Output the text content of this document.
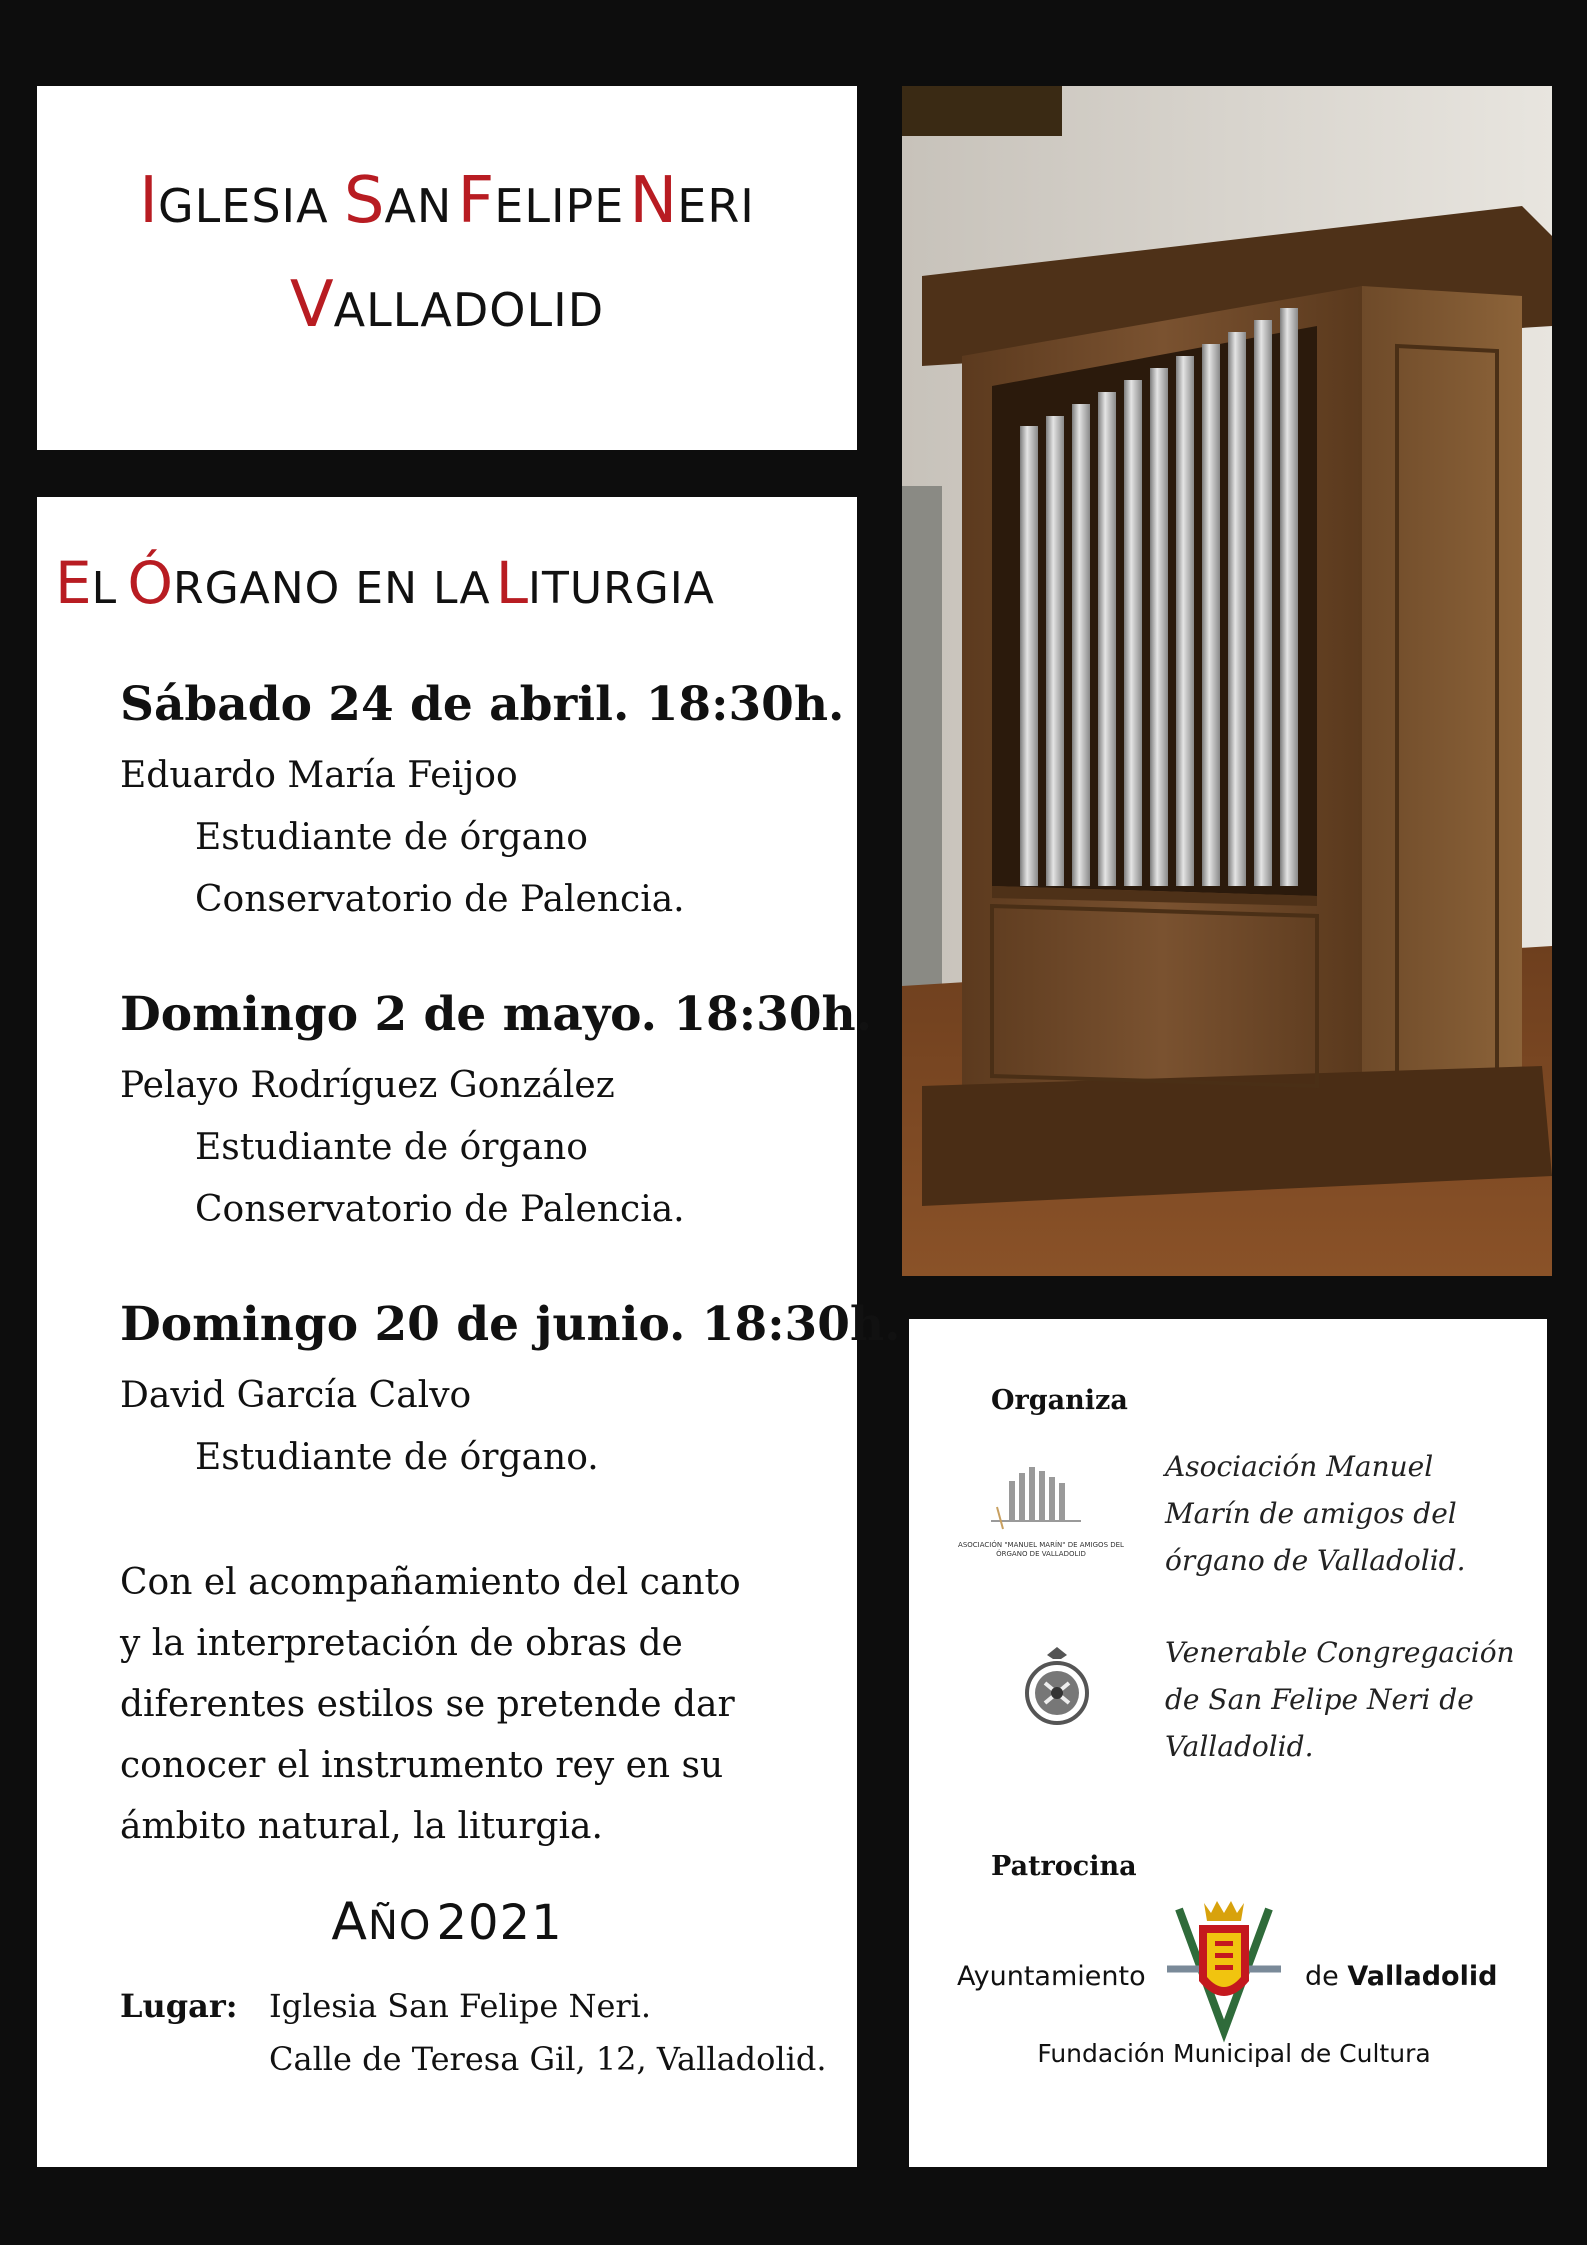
IGLESIA SAN FELIPE NERI
VALLADOLID
EL ÓRGANO EN LA LITURGIA
Sábado 24 de abril. 18:30h.
Eduardo María Feijoo
Estudiante de órgano
Conservatorio de Palencia.
Domingo 2 de mayo. 18:30h.
Pelayo Rodríguez González
Estudiante de órgano
Conservatorio de Palencia.
Domingo 20 de junio. 18:30h.
David García Calvo
Estudiante de órgano.
Con el acompañamiento del canto
y la interpretación de obras de
diferentes estilos se pretende dar
conocer el instrumento rey en su
ámbito natural, la liturgia.
AÑO 2021
Lugar: Iglesia San Felipe Neri.
Calle de Teresa Gil, 12, Valladolid.
Organiza
ASOCIACIÓN "MANUEL MARÍN" DE AMIGOS DEL ÓRGANO DE VALLADOLID
Asociación Manuel Marín de amigos del órgano de Valladolid.
Venerable Congregación de San Felipe Neri de Valladolid.
Patrocina
Ayuntamiento	de Valladolid
Fundación Municipal de Cultura
